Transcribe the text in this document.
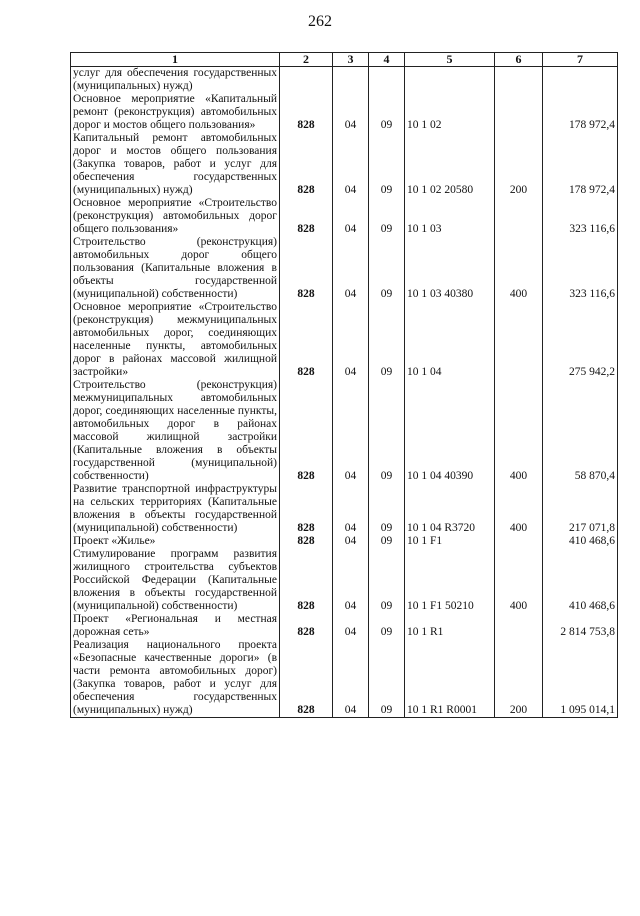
262
1	2	3	4	5	6	7
услуг для обеспечения государственных (муниципальных) нужд)						
Основное мероприятие «Капитальный ремонт (реконструкция) автомобильных дорог и мостов общего пользования»	828	04	09	10 1 02		178 972,4
Капитальный ремонт автомобильных дорог и мостов общего пользования (Закупка товаров, работ и услуг для обеспечения государственных (муниципальных) нужд)	828	04	09	10 1 02 20580	200	178 972,4
Основное мероприятие «Строительство (реконструкция) автомобильных дорог общего пользования»	828	04	09	10 1 03		323 116,6
Строительство (реконструкция) автомобильных дорог общего пользования (Капитальные вложения в объекты государственной (муниципальной) собственности)	828	04	09	10 1 03 40380	400	323 116,6
Основное мероприятие «Строительство (реконструкция) межмуниципальных автомобильных дорог, соединяющих населенные пункты, автомобильных дорог в районах массовой жилищной застройки»	828	04	09	10 1 04		275 942,2
Строительство (реконструкция) межмуниципальных автомобильных дорог, соединяющих населенные пункты, автомобильных дорог в районах массовой жилищной застройки (Капитальные вложения в объекты государственной (муниципальной) собственности)	828	04	09	10 1 04 40390	400	58 870,4
Развитие транспортной инфраструктуры на сельских территориях (Капитальные вложения в объекты государственной (муниципальной) собственности)	828	04	09	10 1 04 R3720	400	217 071,8
Проект «Жилье»	828	04	09	10 1 F1		410 468,6
Стимулирование программ развития жилищного строительства субъектов Российской Федерации (Капитальные вложения в объекты государственной (муниципальной) собственности)	828	04	09	10 1 F1 50210	400	410 468,6
Проект «Региональная и местная дорожная сеть»	828	04	09	10 1 R1		2 814 753,8
Реализация национального проекта «Безопасные качественные дороги» (в части ремонта автомобильных дорог) (Закупка товаров, работ и услуг для обеспечения государственных (муниципальных) нужд)	828	04	09	10 1 R1 R0001	200	1 095 014,1
